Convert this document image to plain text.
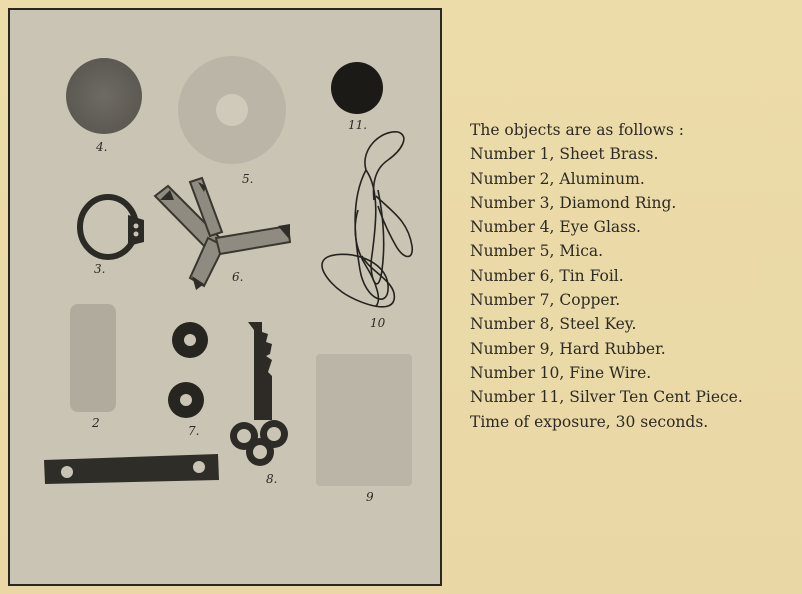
4.
5.
11.
3.
6.
10
2
7.
8.
9
The objects are as follows :
Number 1, Sheet Brass.
Number 2, Aluminum.
Number 3, Diamond Ring.
Number 4, Eye Glass.
Number 5, Mica.
Number 6, Tin Foil.
Number 7, Copper.
Number 8, Steel Key.
Number 9, Hard Rubber.
Number 10, Fine Wire.
Number 11, Silver Ten Cent Piece.
Time of exposure, 30 seconds.
